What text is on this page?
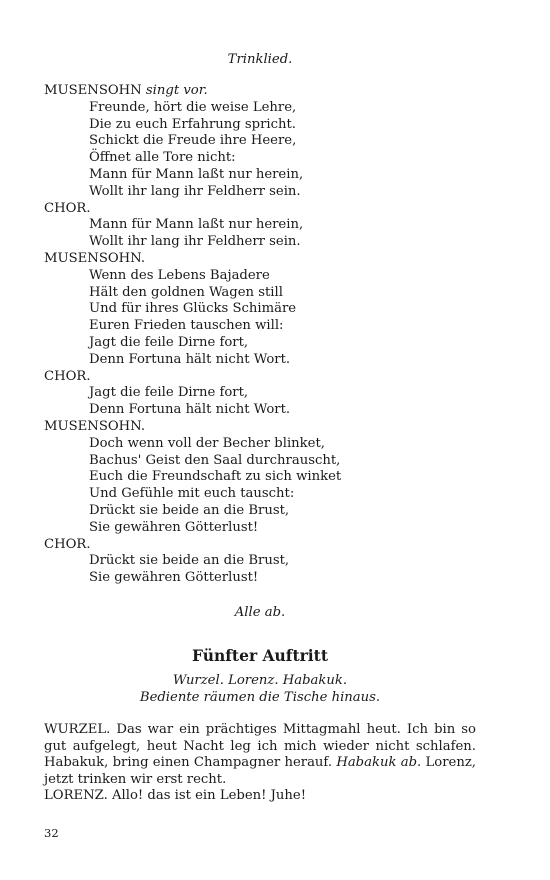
Trinklied.
MUSENSOHN singt vor.
Freunde, hört die weise Lehre,
Die zu euch Erfahrung spricht.
Schickt die Freude ihre Heere,
Öffnet alle Tore nicht:
Mann für Mann laßt nur herein,
Wollt ihr lang ihr Feldherr sein.
CHOR.
Mann für Mann laßt nur herein,
Wollt ihr lang ihr Feldherr sein.
MUSENSOHN.
Wenn des Lebens Bajadere
Hält den goldnen Wagen still
Und für ihres Glücks Schimäre
Euren Frieden tauschen will:
Jagt die feile Dirne fort,
Denn Fortuna hält nicht Wort.
CHOR.
Jagt die feile Dirne fort,
Denn Fortuna hält nicht Wort.
MUSENSOHN.
Doch wenn voll der Becher blinket,
Bachus' Geist den Saal durchrauscht,
Euch die Freundschaft zu sich winket
Und Gefühle mit euch tauscht:
Drückt sie beide an die Brust,
Sie gewähren Götterlust!
CHOR.
Drückt sie beide an die Brust,
Sie gewähren Götterlust!
Alle ab.
Fünfter Auftritt
Wurzel. Lorenz. Habakuk.
Bediente räumen die Tische hinaus.

WURZEL. Das war ein prächtiges Mittagmahl heut. Ich bin so gut aufgelegt, heut Nacht leg ich mich wieder nicht schlafen. Habakuk, bring einen Champagner herauf. Habakuk ab. Lorenz, jetzt trinken wir erst recht.

LORENZ. Allo! das ist ein Leben! Juhe!

32
